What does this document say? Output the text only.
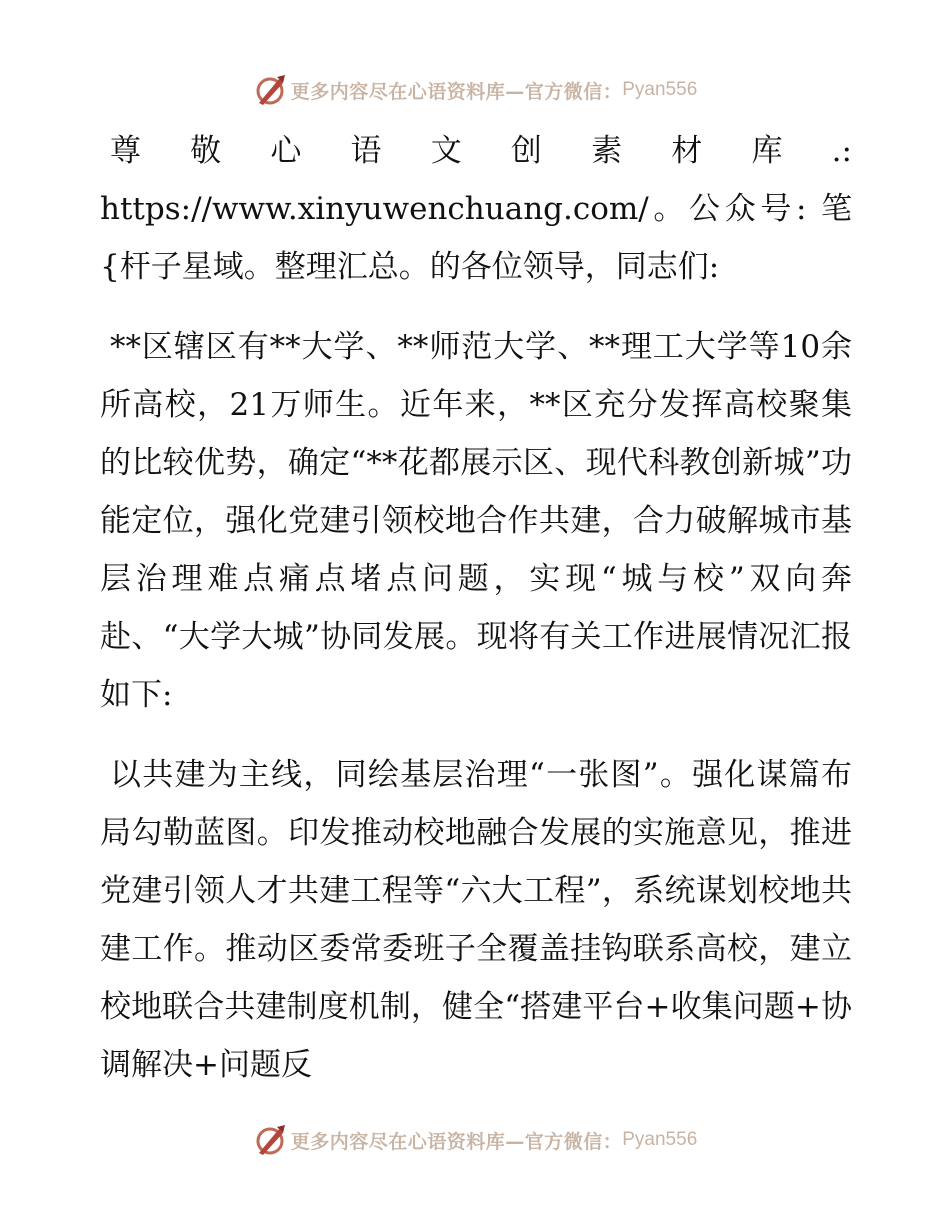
更多内容尽在心语资料库—官方微信： Pyan556

尊敬心语文创素材库.: https://www.xinyuwenchuang.com/。公众号: 笔{杆子星域。整理汇总。的各位领导，同志们:

**区辖区有**大学、**师范大学、**理工大学等10余所高校，21万师生。近年来，**区充分发挥高校聚集的比较优势，确定“**花都展示区、现代科教创新城”功能定位，强化党建引领校地合作共建，合力破解城市基层治理难点痛点堵点问题，实现“城与校”双向奔赴、“大学大城”协同发展。现将有关工作进展情况汇报如下:

以共建为主线，同绘基层治理“一张图”。强化谋篇布局勾勒蓝图。印发推动校地融合发展的实施意见，推进党建引领人才共建工程等“六大工程”，系统谋划校地共建工作。推动区委常委班子全覆盖挂钩联系高校，建立校地联合共建制度机制，健全“搭建平台+收集问题+协调解决+问题反

更多内容尽在心语资料库—官方微信： Pyan556
